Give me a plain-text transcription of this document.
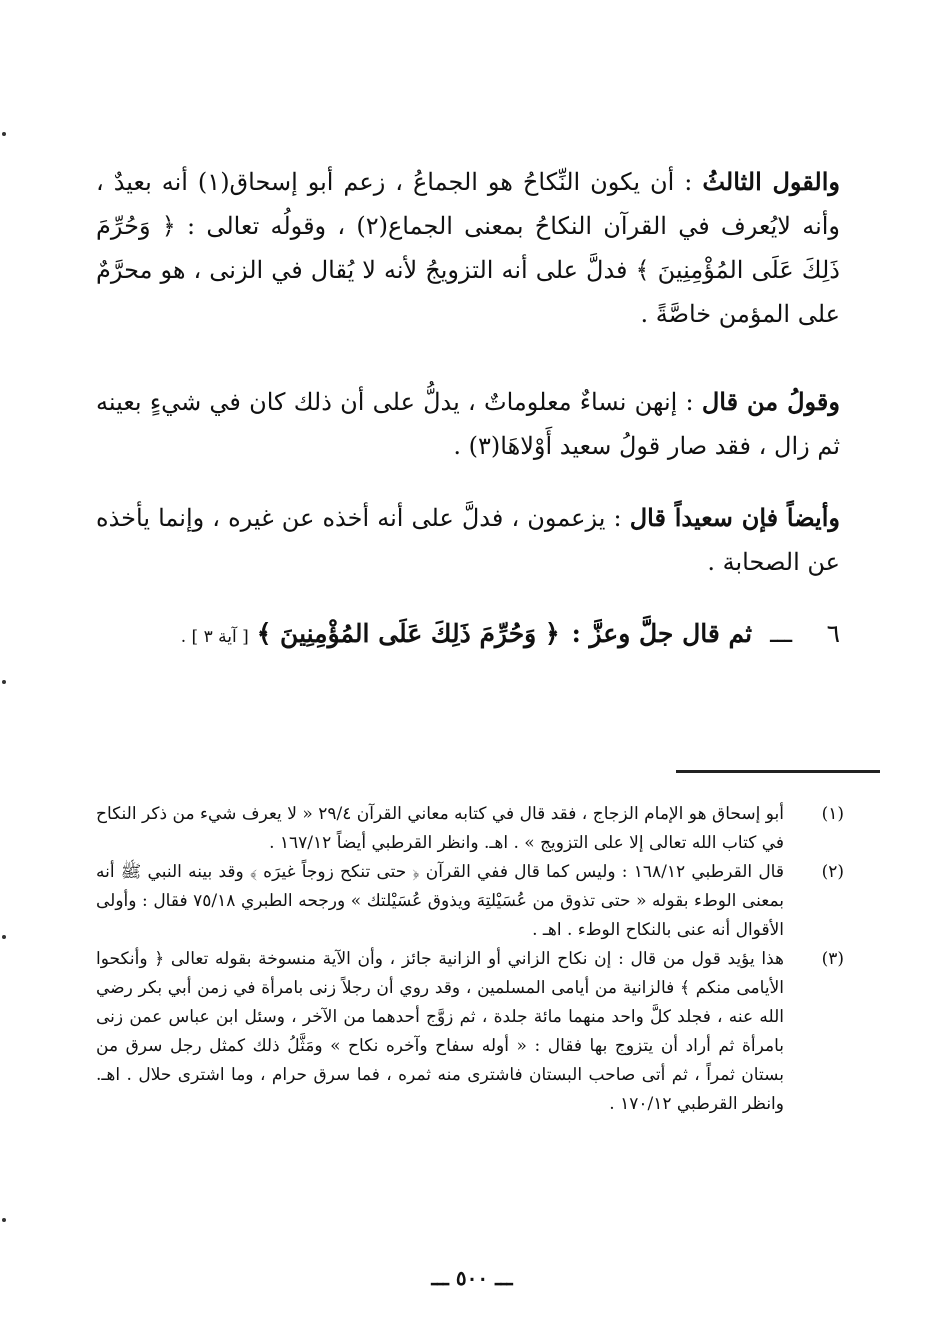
والقول الثالثُ : أن يكون النِّكاحُ هو الجماعُ ، زعم أبو إسحاق(١) أنه بعيدٌ ، وأنه لايُعرف في القرآن النكاحُ بمعنى الجماع(٢) ، وقولُه تعالى : ﴿ وَحُرِّمَ ذَلِكَ عَلَى المُؤْمِنِينَ ﴾ فدلَّ على أنه التزويجُ لأنه لا يُقال في الزنى ، هو محرَّمٌ على المؤمن خاصَّةً .

وقولُ من قال : إنهن نساءٌ معلوماتٌ ، يدلُّ على أن ذلك كان في شيءٍ بعينه ثم زال ، فقد صار قولُ سعيد أَوْلاهَا(٣) .

وأيضاً فإن سعيداً قال : يزعمون ، فدلَّ على أنه أخذه عن غيره ، وإنما يأخذه عن الصحابة .

٦ ـــ ثم قال جلَّ وعزَّ : ﴿ وَحُرِّمَ ذَلِكَ عَلَى المُؤْمِنِينَ ﴾ [ آية ٣ ] .

(١)
أبو إسحاق هو الإمام الزجاج ، فقد قال في كتابه معاني القرآن ٢٩/٤ « لا يعرف شيء من ذكر النكاح في كتاب الله تعالى إلا على التزويج » . اهـ. وانظر القرطبي أيضاً ١٦٧/١٢ .

(٢)
قال القرطبي ١٦٨/١٢ : وليس كما قال ففي القرآن ﴿ حتى تنكح زوجاً غيرَه ﴾ وقد بينه النبي ﷺ أنه بمعنى الوطء بقوله « حتى تذوق من عُسَيْلتِهَ ويذوق عُسَيْلتك » ورجحه الطبري ٧٥/١٨ فقال : وأولى الأقوال أنه عنى بالنكاح الوطء . اهـ .

(٣)
هذا يؤيد قول من قال : إن نكاح الزاني أو الزانية جائز ، وأن الآية منسوخة بقوله تعالى ﴿ وأنكحوا الأيامى منكم ﴾ فالزانية من أيامى المسلمين ، وقد روي أن رجلاً زنى بامرأة في زمن أبي بكر رضي الله عنه ، فجلد كلَّ واحد منهما مائة جلدة ، ثم زوَّج أحدهما من الآخر ، وسئل ابن عباس عمن زنى بامرأة ثم أراد أن يتزوج بها فقال : « أوله سفاح وآخره نكاح » ومَثَّلُ ذلك كمثل رجل سرق من بستان ثمراً ، ثم أتى صاحب البستان فاشترى منه ثمره ، فما سرق حرام ، وما اشترى حلال . اهـ. وانظر القرطبي ١٧٠/١٢ .

ـــ ٥٠٠ ـــ
